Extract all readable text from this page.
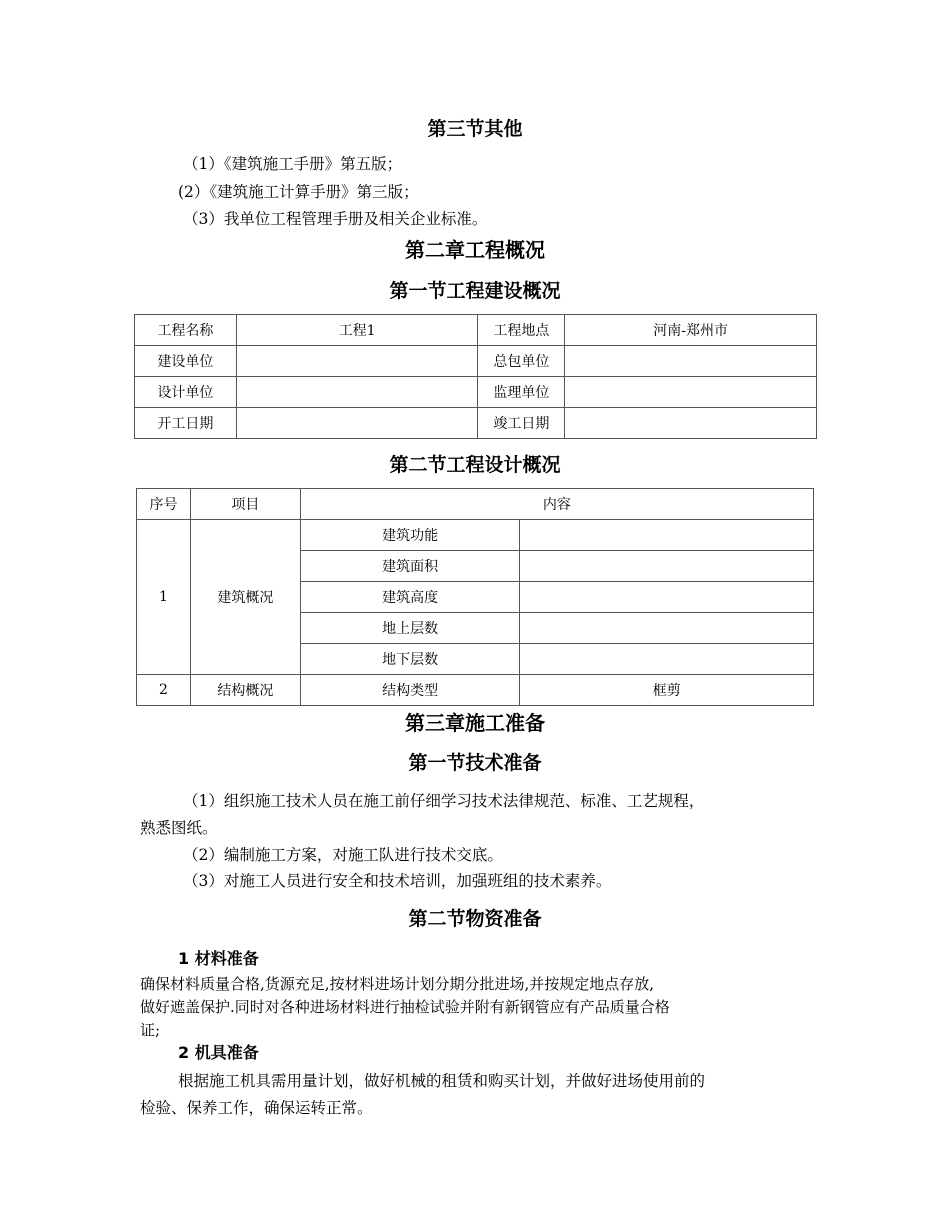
第三节其他
（1）《建筑施工手册》第五版；
(2）《建筑施工计算手册》第三版；
（3）我单位工程管理手册及相关企业标准。
第二章工程概况
第一节工程建设概况
工程名称	工程1	工程地点	河南-郑州市
建设单位		总包单位	
设计单位		监理单位	
开工日期		竣工日期	
第二节工程设计概况
序号	项目	内容	
1	建筑概况	建筑功能	
		建筑面积	
		建筑高度	
		地上层数	
		地下层数	
2	结构概况	结构类型	框剪
第三章施工准备
第一节技术准备
（1）组织施工技术人员在施工前仔细学习技术法律规范、标准、工艺规程，
熟悉图纸。
（2）编制施工方案，对施工队进行技术交底。
（3）对施工人员进行安全和技术培训，加强班组的技术素养。
第二节物资准备
1 材料准备
确保材料质量合格,货源充足,按材料进场计划分期分批进场,并按规定地点存放,
做好遮盖保护.同时对各种进场材料进行抽检试验并附有新钢管应有产品质量合格
证;
2 机具准备
根据施工机具需用量计划，做好机械的租赁和购买计划，并做好进场使用前的
检验、保养工作，确保运转正常。
